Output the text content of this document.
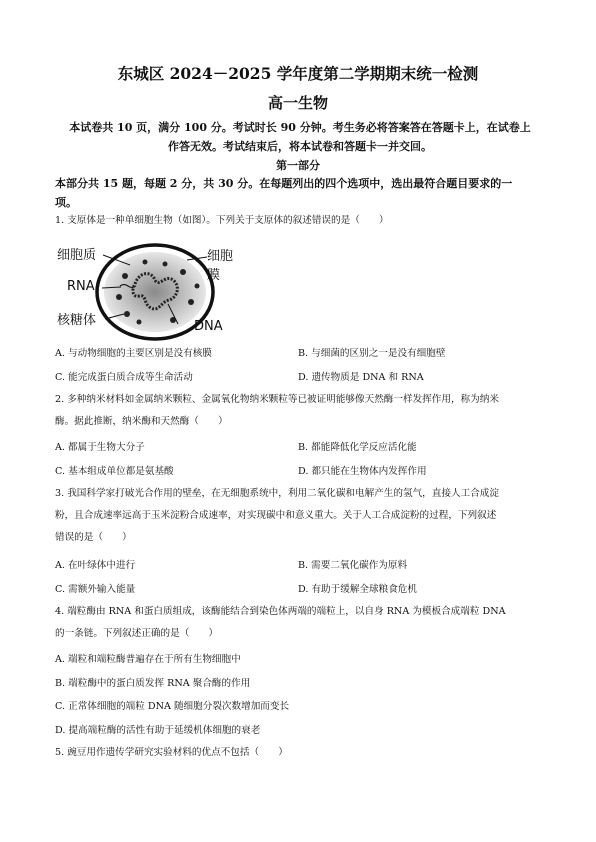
东城区 2024－2025 学年度第二学期期末统一检测
高一生物
本试卷共 10 页，满分 100 分。考试时长 90 分钟。考生务必将答案答在答题卡上，在试卷上
作答无效。考试结束后，将本试卷和答题卡一并交回。
第一部分
本部分共 15 题，每题 2 分，共 30 分。在每题列出的四个选项中，选出最符合题目要求的一
项。
1. 支原体是一种单细胞生物（如图）。下列关于支原体的叙述错误的是（　　）
细胞质	细胞膜
RNA
核糖体	DNA
A. 与动物细胞的主要区别是没有核膜	B. 与细菌的区别之一是没有细胞壁
C. 能完成蛋白质合成等生命活动	D. 遗传物质是 DNA 和 RNA
2. 多种纳米材料如金属纳米颗粒、金属氧化物纳米颗粒等已被证明能够像天然酶一样发挥作用，称为纳米
酶。据此推断，纳米酶和天然酶（　　）
A. 都属于生物大分子	B. 都能降低化学反应活化能
C. 基本组成单位都是氨基酸	D. 都只能在生物体内发挥作用
3. 我国科学家打破光合作用的壁垒，在无细胞系统中，利用二氧化碳和电解产生的氢气，直接人工合成淀
粉，且合成速率远高于玉米淀粉合成速率，对实现碳中和意义重大。关于人工合成淀粉的过程，下列叙述
错误的是（　　）
A. 在叶绿体中进行	B. 需要二氧化碳作为原料
C. 需额外输入能量	D. 有助于缓解全球粮食危机
4. 端粒酶由 RNA 和蛋白质组成，该酶能结合到染色体两端的端粒上，以自身 RNA 为模板合成端粒 DNA
的一条链。下列叙述正确的是（　　）
A. 端粒和端粒酶普遍存在于所有生物细胞中
B. 端粒酶中的蛋白质发挥 RNA 聚合酶的作用
C. 正常体细胞的端粒 DNA 随细胞分裂次数增加而变长
D. 提高端粒酶的活性有助于延缓机体细胞的衰老
5. 豌豆用作遗传学研究实验材料的优点不包括（　　）
